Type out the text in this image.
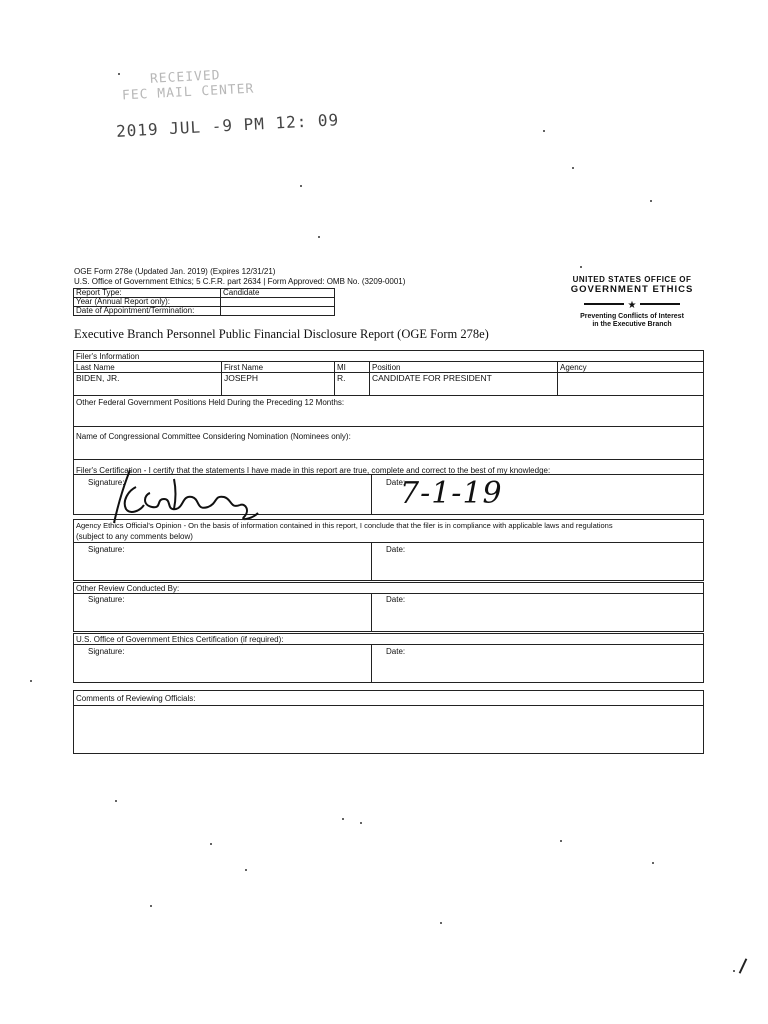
RECEIVED
FEC MAIL CENTER
2019 JUL -9 PM 12: 09
OGE Form 278e (Updated Jan. 2019) (Expires 12/31/21)
U.S. Office of Government Ethics; 5 C.F.R. part 2634 | Form Approved: OMB No. (3209-0001)
Report Type:	Candidate
Year (Annual Report only):	
Date of Appointment/Termination:	
UNITED STATES OFFICE OF
GOVERNMENT ETHICS
★
Preventing Conflicts of Interest
in the Executive Branch
Executive Branch Personnel Public Financial Disclosure Report (OGE Form 278e)
Filer's Information
Last Name	First Name	MI	Position	Agency
BIDEN, JR.	JOSEPH	R.	CANDIDATE FOR PRESIDENT
Other Federal Government Positions Held During the Preceding 12 Months:
Name of Congressional Committee Considering Nomination (Nominees only):
Filer's Certification - I certify that the statements I have made in this report are true, complete and correct to the best of my knowledge:
Signature:	Date:
7-1-19
Agency Ethics Official's Opinion - On the basis of information contained in this report, I conclude that the filer is in compliance with applicable laws and regulations
(subject to any comments below)
Signature:	Date:
Other Review Conducted By:
Signature:	Date:
U.S. Office of Government Ethics Certification (if required):
Signature:	Date:
Comments of Reviewing Officials:
